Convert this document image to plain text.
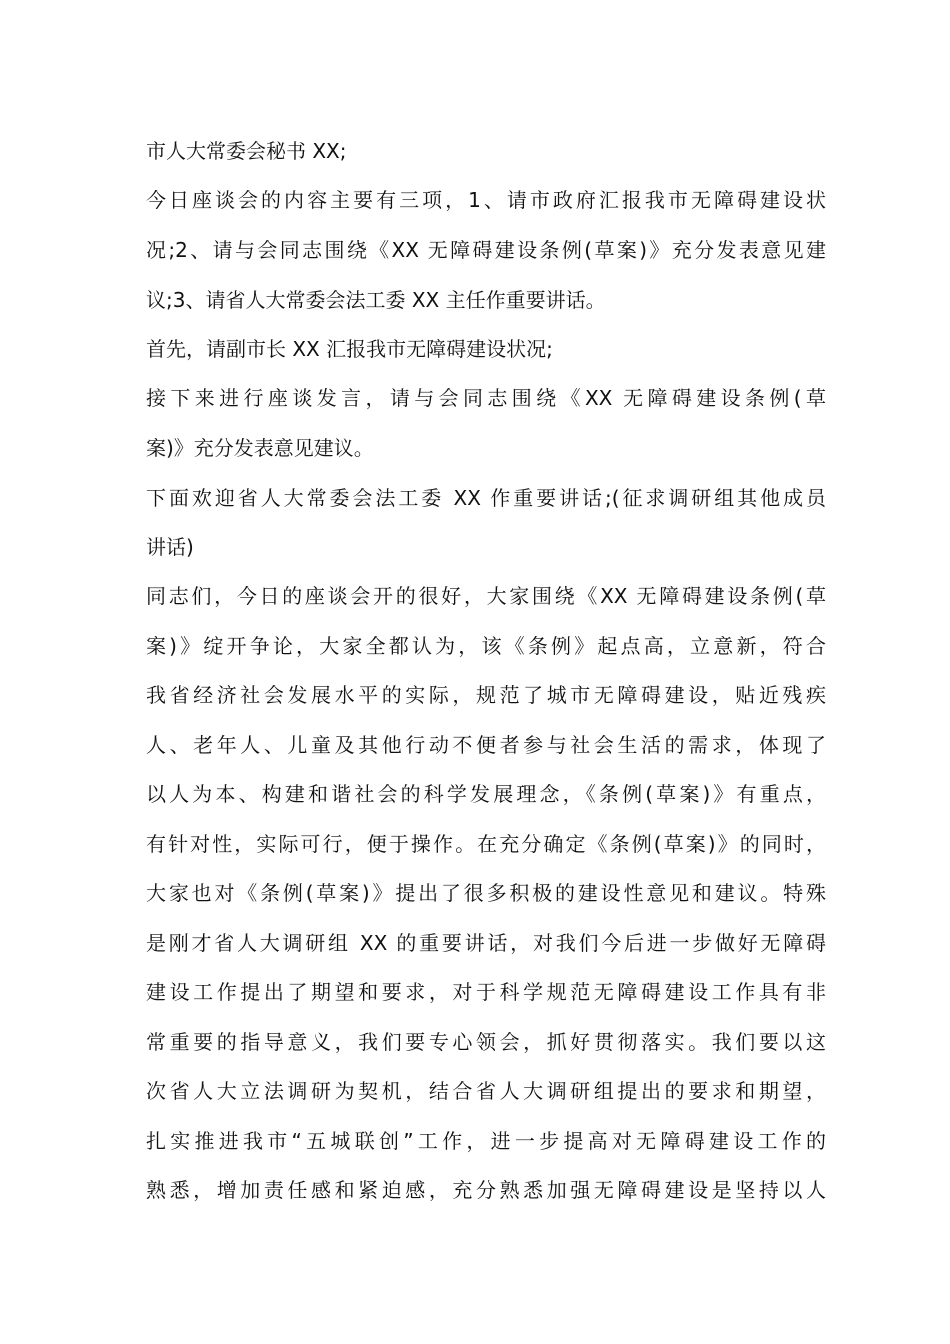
市人大常委会秘书 XX;
今日座谈会的内容主要有三项，1、请市政府汇报我市无障碍建设状
况;2、请与会同志围绕《XX 无障碍建设条例(草案)》充分发表意见建
议;3、请省人大常委会法工委 XX 主任作重要讲话。
首先，请副市长 XX 汇报我市无障碍建设状况;
接下来进行座谈发言，请与会同志围绕《XX 无障碍建设条例(草
案)》充分发表意见建议。
下面欢迎省人大常委会法工委 XX 作重要讲话;(征求调研组其他成员
讲话)
同志们，今日的座谈会开的很好，大家围绕《XX 无障碍建设条例(草
案)》绽开争论，大家全都认为，该《条例》起点高，立意新，符合
我省经济社会发展水平的实际，规范了城市无障碍建设，贴近残疾
人、老年人、儿童及其他行动不便者参与社会生活的需求，体现了
以人为本、构建和谐社会的科学发展理念，《条例(草案)》有重点，
有针对性，实际可行，便于操作。在充分确定《条例(草案)》的同时，
大家也对《条例(草案)》提出了很多积极的建设性意见和建议。特殊
是刚才省人大调研组 XX 的重要讲话，对我们今后进一步做好无障碍
建设工作提出了期望和要求，对于科学规范无障碍建设工作具有非
常重要的指导意义，我们要专心领会，抓好贯彻落实。我们要以这
次省人大立法调研为契机，结合省人大调研组提出的要求和期望，
扎实推进我市“五城联创”工作，进一步提高对无障碍建设工作的
熟悉，增加责任感和紧迫感，充分熟悉加强无障碍建设是坚持以人
